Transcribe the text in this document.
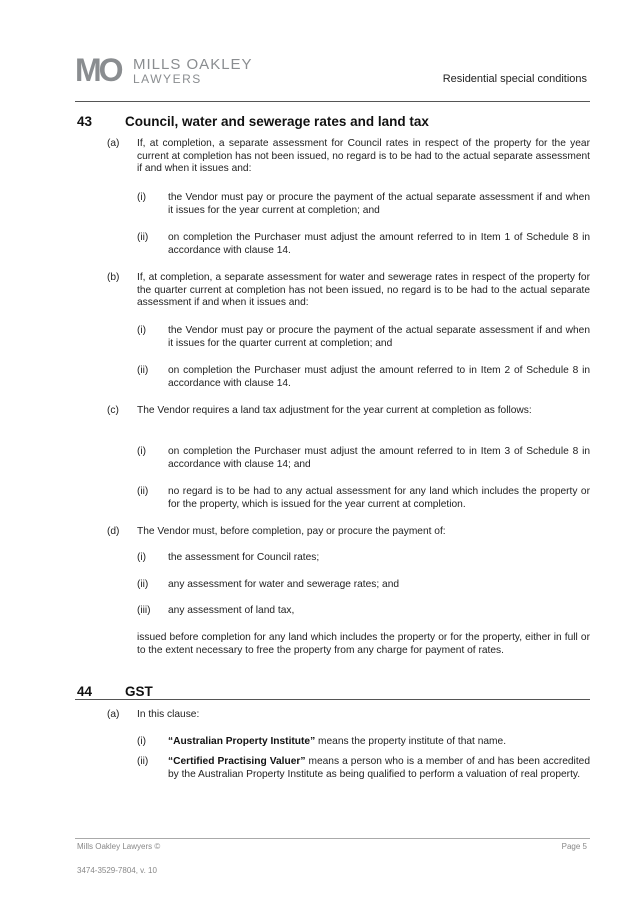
MO MILLS OAKLEY
LAWYERS	Residential special conditions
43 Council, water and sewerage rates and land tax
(a) If, at completion, a separate assessment for Council rates in respect of the property for the year current at completion has not been issued, no regard is to be had to the actual separate assessment if and when it issues and:
(i) the Vendor must pay or procure the payment of the actual separate assessment if and when it issues for the year current at completion; and
(ii) on completion the Purchaser must adjust the amount referred to in Item 1 of Schedule 8 in accordance with clause 14.
(b) If, at completion, a separate assessment for water and sewerage rates in respect of the property for the quarter current at completion has not been issued, no regard is to be had to the actual separate assessment if and when it issues and:
(i) the Vendor must pay or procure the payment of the actual separate assessment if and when it issues for the quarter current at completion; and
(ii) on completion the Purchaser must adjust the amount referred to in Item 2 of Schedule 8 in accordance with clause 14.
(c) The Vendor requires a land tax adjustment for the year current at completion as follows:
(i) on completion the Purchaser must adjust the amount referred to in Item 3 of Schedule 8 in accordance with clause 14; and
(ii) no regard is to be had to any actual assessment for any land which includes the property or for the property, which is issued for the year current at completion.
(d) The Vendor must, before completion, pay or procure the payment of:
(i) the assessment for Council rates;
(ii) any assessment for water and sewerage rates; and
(iii) any assessment of land tax,
issued before completion for any land which includes the property or for the property, either in full or to the extent necessary to free the property from any charge for payment of rates.
44 GST
(a) In this clause:
(i) “Australian Property Institute” means the property institute of that name.
(ii) “Certified Practising Valuer” means a person who is a member of and has been accredited by the Australian Property Institute as being qualified to perform a valuation of real property.
Mills Oakley Lawyers ©	Page 5
3474-3529-7804, v. 10
